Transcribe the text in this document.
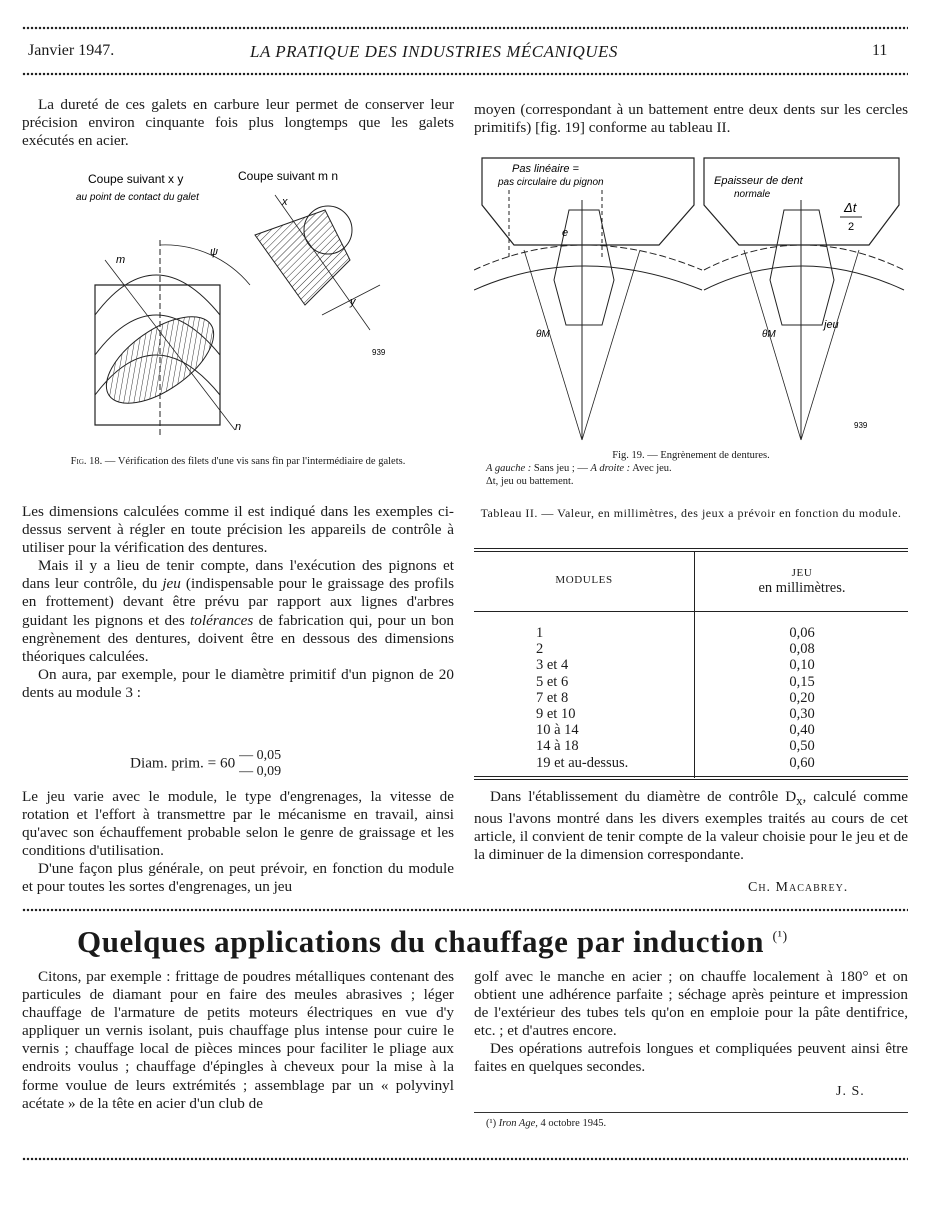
Janvier 1947.	LA PRATIQUE DES INDUSTRIES MÉCANIQUES	11

La dureté de ces galets en carbure leur permet de conserver leur précision environ cinquante fois plus longtemps que les galets exécutés en acier.

Coupe suivant x y
au point de contact du galet
Coupe suivant m n
m
n
ψ
x
y
939
Fig. 18. — Vérification des filets d'une vis sans fin par l'intermédiaire de galets.

Les dimensions calculées comme il est indiqué dans les exemples ci-dessus servent à régler en toute précision les appareils de contrôle à utiliser pour la vérification des dentures.

Mais il y a lieu de tenir compte, dans l'exécution des pignons et dans leur contrôle, du jeu (indispensable pour le graissage des profils en frottement) devant être prévu par rapport aux lignes d'arbres guidant les pignons et des tolérances de fabrication qui, pour un bon engrènement des dentures, doivent être en dessous des dimensions théoriques calculées.

On aura, par exemple, pour le diamètre primitif d'un pignon de 20 dents au module 3 :

Diam. prim. = 60 — 0,05
— 0,09

Le jeu varie avec le module, le type d'engrenages, la vitesse de rotation et l'effort à transmettre par le mécanisme en travail, ainsi qu'avec son échauffement probable selon le genre de graissage et les conditions d'utilisation.

D'une façon plus générale, on peut prévoir, en fonction du module et pour toutes les sortes d'engrenages, un jeu

moyen (correspondant à un battement entre deux dents sur les cercles primitifs) [fig. 19] conforme au tableau II.

Pas linéaire =
pas circulaire du pignon
e
θM
Epaisseur de dent
normale
Δt
2
θM
jeu
939
Fig. 19. — Engrènement de dentures.
A gauche : Sans jeu ; — A droite : Avec jeu.
Δt, jeu ou battement.
Tableau II. — Valeur, en millimètres, des jeux a prévoir en fonction du module.
MODULES
JEU
en millimètres.
1	0,06
2	0,08
3 et 4	0,10
5 et 6	0,15
7 et 8	0,20
9 et 10	0,30
10 à 14	0,40
14 à 18	0,50
19 et au-dessus.	0,60

Dans l'établissement du diamètre de contrôle $D_x$, calculé comme nous l'avons montré dans les divers exemples traités au cours de cet article, il convient de tenir compte de la valeur choisie pour le jeu et de la diminuer de la dimension correspondante.

Ch. Macabrey.
Quelques applications du chauffage par induction $^{(^1)}$

Citons, par exemple : frittage de poudres métalliques contenant des particules de diamant pour en faire des meules abrasives ; léger chauffage de l'armature de petits moteurs électriques en vue d'y appliquer un vernis isolant, puis chauffage plus intense pour cuire le vernis ; chauffage local de pièces minces pour faciliter le pliage aux endroits voulus ; chauffage d'épingles à cheveux pour la mise à la forme voulue de leurs extrémités ; assemblage par un « polyvinyl acétate » de la tête en acier d'un club de

golf avec le manche en acier ; on chauffe localement à 180° et on obtient une adhérence parfaite ; séchage après peinture et impression de l'extérieur des tubes tels qu'on en emploie pour la pâte dentifrice, etc. ; et d'autres encore.

Des opérations autrefois longues et compliquées peuvent ainsi être faites en quelques secondes.

J. S.
(¹) Iron Age, 4 octobre 1945.
